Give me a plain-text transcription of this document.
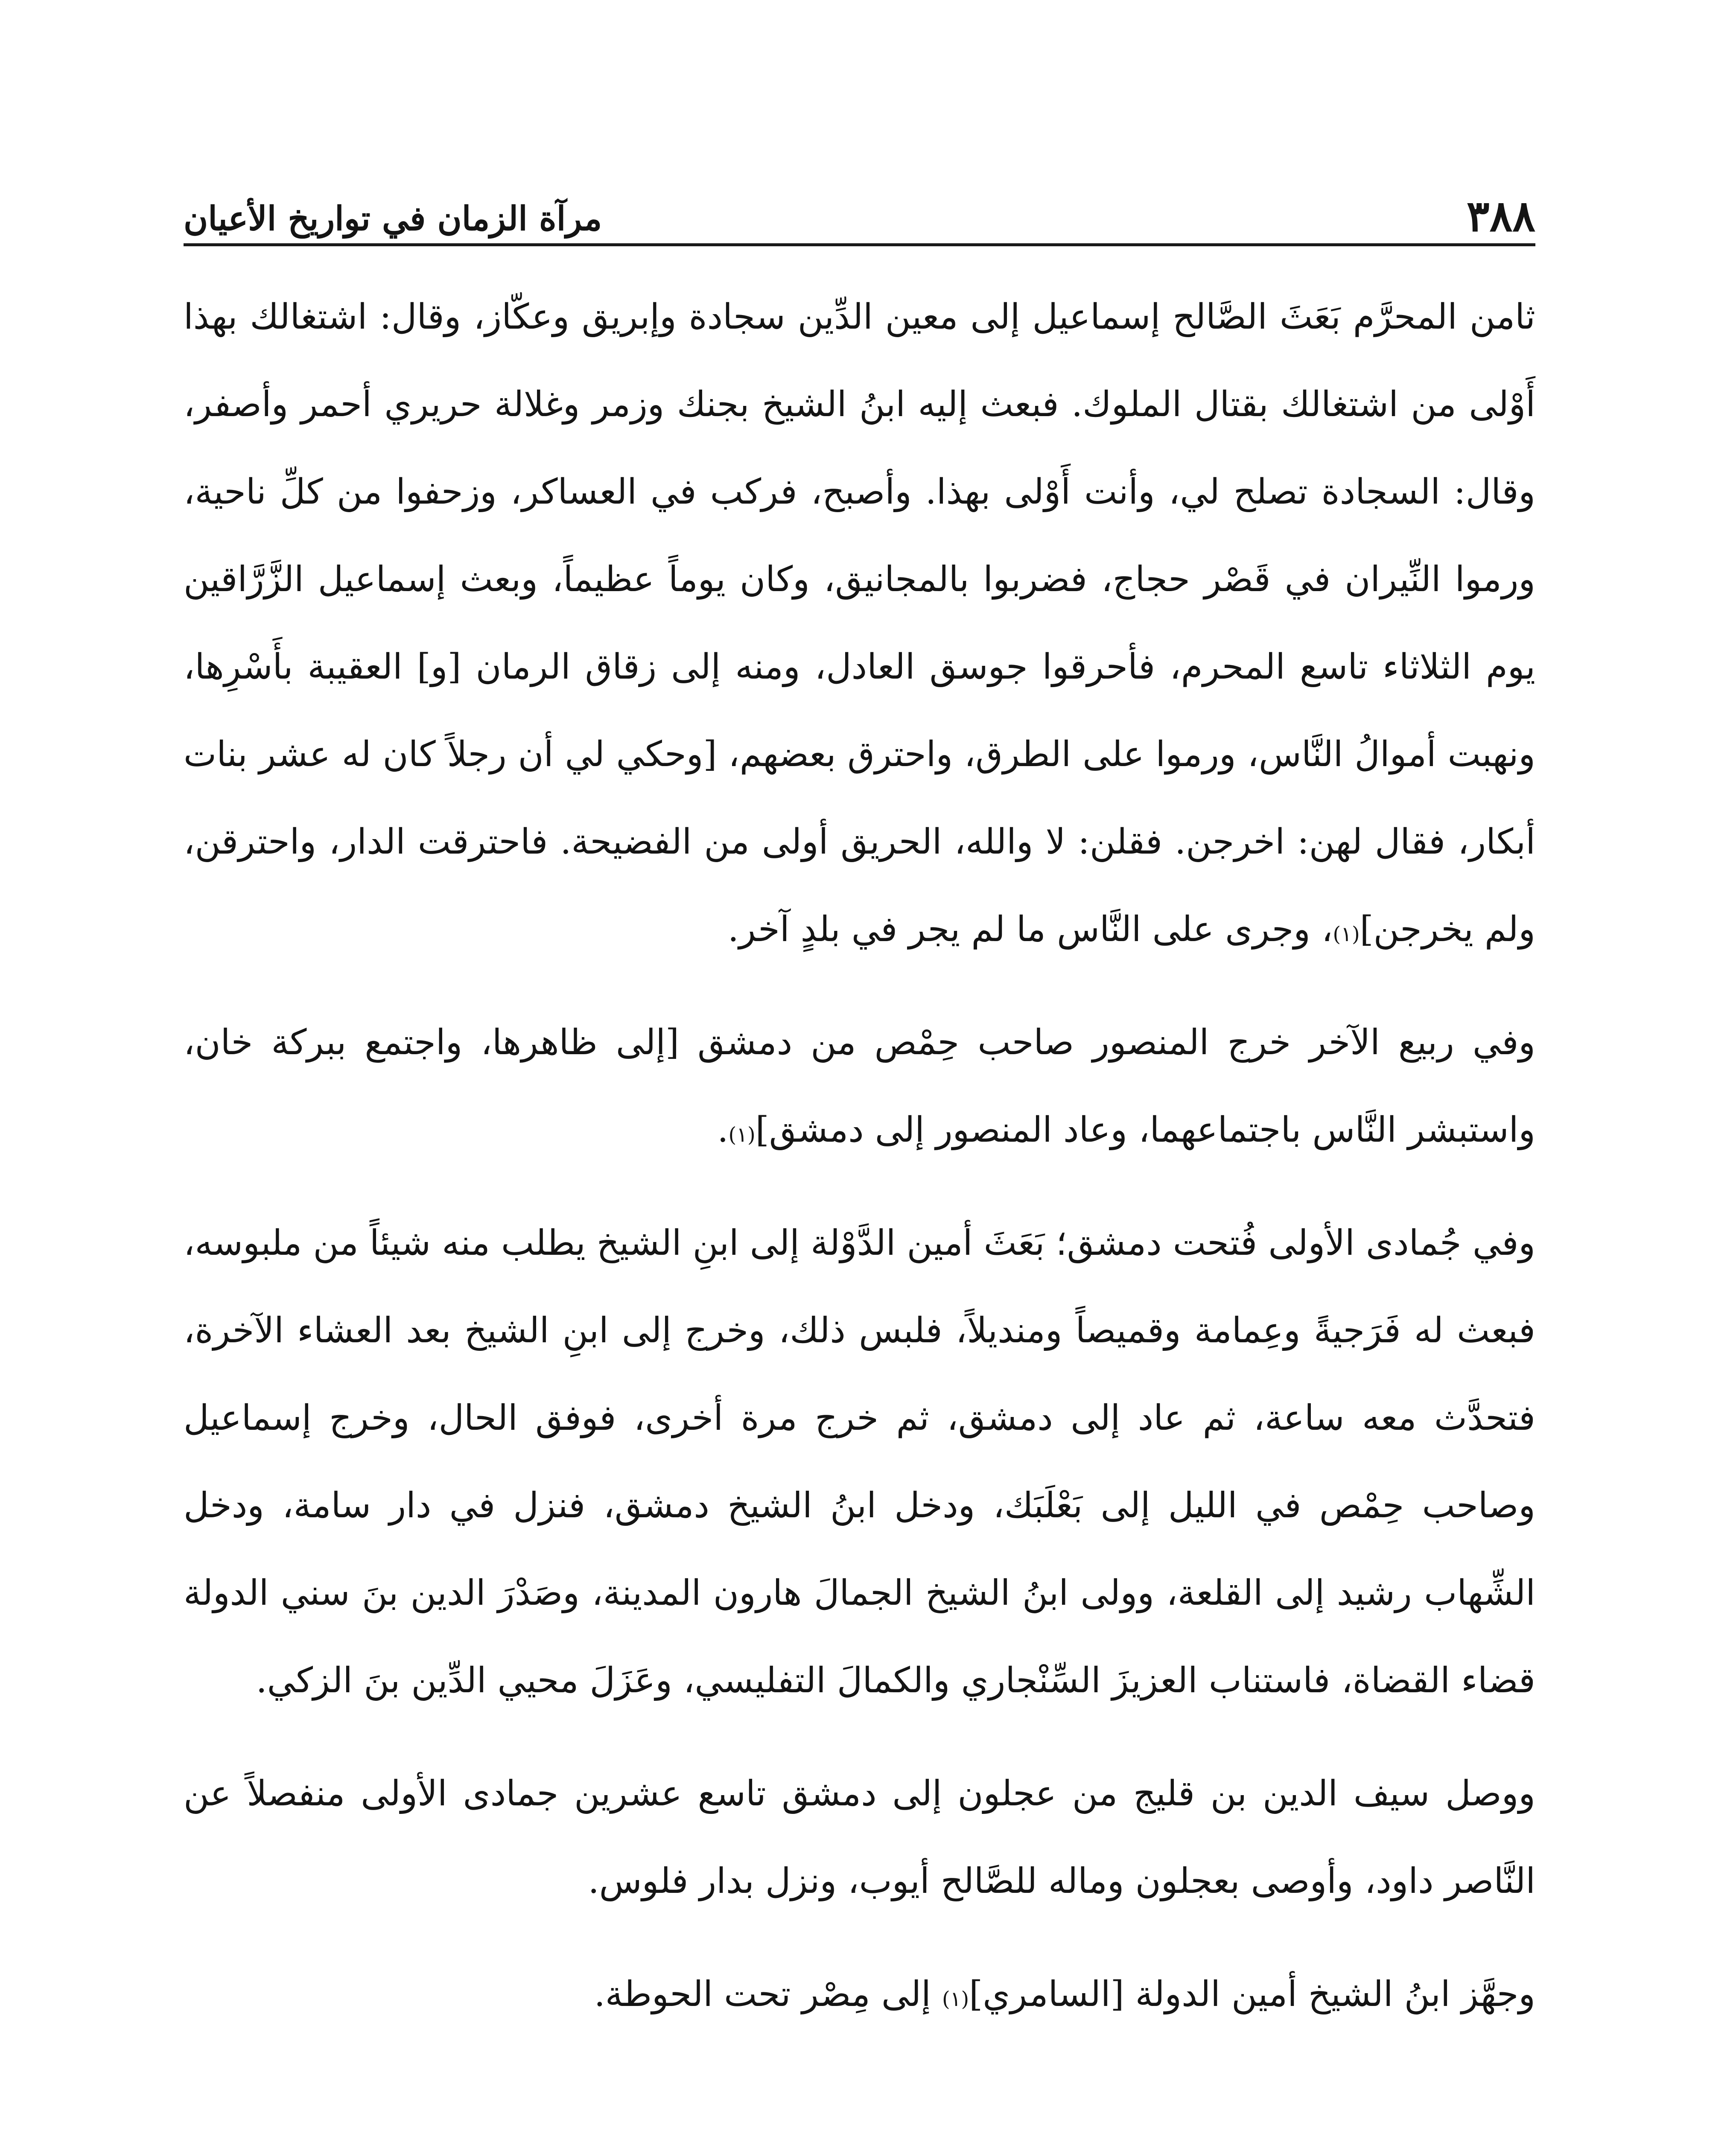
٣٨٨
مرآة الزمان في تواريخ الأعيان

ثامن المحرَّم بَعَثَ الصَّالح إسماعيل إلى معين الدِّين سجادة وإبريق وعكّاز، وقال: اشتغالك بهذا أَوْلى من اشتغالك بقتال الملوك. فبعث إليه ابنُ الشيخ بجنك وزمر وغلالة حريري أحمر وأصفر، وقال: السجادة تصلح لي، وأنت أَوْلى بهذا. وأصبح، فركب في العساكر، وزحفوا من كلِّ ناحية، ورموا النِّيران في قَصْر حجاج، فضربوا بالمجانيق، وكان يوماً عظيماً، وبعث إسماعيل الزَّرَّاقين يوم الثلاثاء تاسع المحرم، فأحرقوا جوسق العادل، ومنه إلى زقاق الرمان [و] العقيبة بأَسْرِها، ونهبت أموالُ النَّاس، ورموا على الطرق، واحترق بعضهم، [وحكي لي أن رجلاً كان له عشر بنات أبكار، فقال لهن: اخرجن. فقلن: لا والله، الحريق أولى من الفضيحة. فاحترقت الدار، واحترقن، ولم يخرجن]$^{(١)}$، وجرى على النَّاس ما لم يجر في بلدٍ آخر.

وفي ربيع الآخر خرج المنصور صاحب حِمْص من دمشق [إلى ظاهرها، واجتمع ببركة خان، واستبشر النَّاس باجتماعهما، وعاد المنصور إلى دمشق]$^{(١)}$.

وفي جُمادى الأولى فُتحت دمشق؛ بَعَثَ أمين الدَّوْلة إلى ابنِ الشيخ يطلب منه شيئاً من ملبوسه، فبعث له فَرَجيةً وعِمامة وقميصاً ومنديلاً، فلبس ذلك، وخرج إلى ابنِ الشيخ بعد العشاء الآخرة، فتحدَّث معه ساعة، ثم عاد إلى دمشق، ثم خرج مرة أخرى، فوفق الحال، وخرج إسماعيل وصاحب حِمْص في الليل إلى بَعْلَبَك، ودخل ابنُ الشيخ دمشق، فنزل في دار سامة، ودخل الشِّهاب رشيد إلى القلعة، وولى ابنُ الشيخ الجمالَ هارون المدينة، وصَدْرَ الدين بنَ سني الدولة قضاء القضاة، فاستناب العزيزَ السِّنْجاري والكمالَ التفليسي، وعَزَلَ محيي الدِّين بنَ الزكي.

ووصل سيف الدين بن قليج من عجلون إلى دمشق تاسع عشرين جمادى الأولى منفصلاً عن النَّاصر داود، وأوصى بعجلون وماله للصَّالح أيوب، ونزل بدار فلوس.

وجهَّز ابنُ الشيخ أمين الدولة [السامري]$^{(١)}$ إلى مِصْر تحت الحوطة.
